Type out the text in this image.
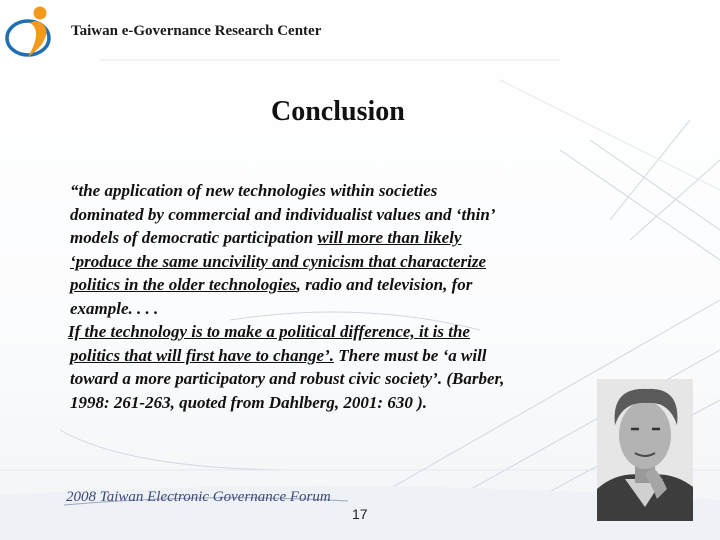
Taiwan e-Governance Research Center
Conclusion
“the application of new technologies within societies
dominated by commercial and individualist values and ‘thin’
models of democratic participation will more than likely
‘produce the same uncivility and cynicism that characterize
politics in the older technologies, radio and television, for
example. . . .
If the technology is to make a political difference, it is the
politics that will first have to change’. There must be ‘a will
toward a more participatory and robust civic society’. (Barber,
1998: 261-263, quoted from Dahlberg, 2001: 630 ).
2008 Taiwan Electronic Governance Forum
17
